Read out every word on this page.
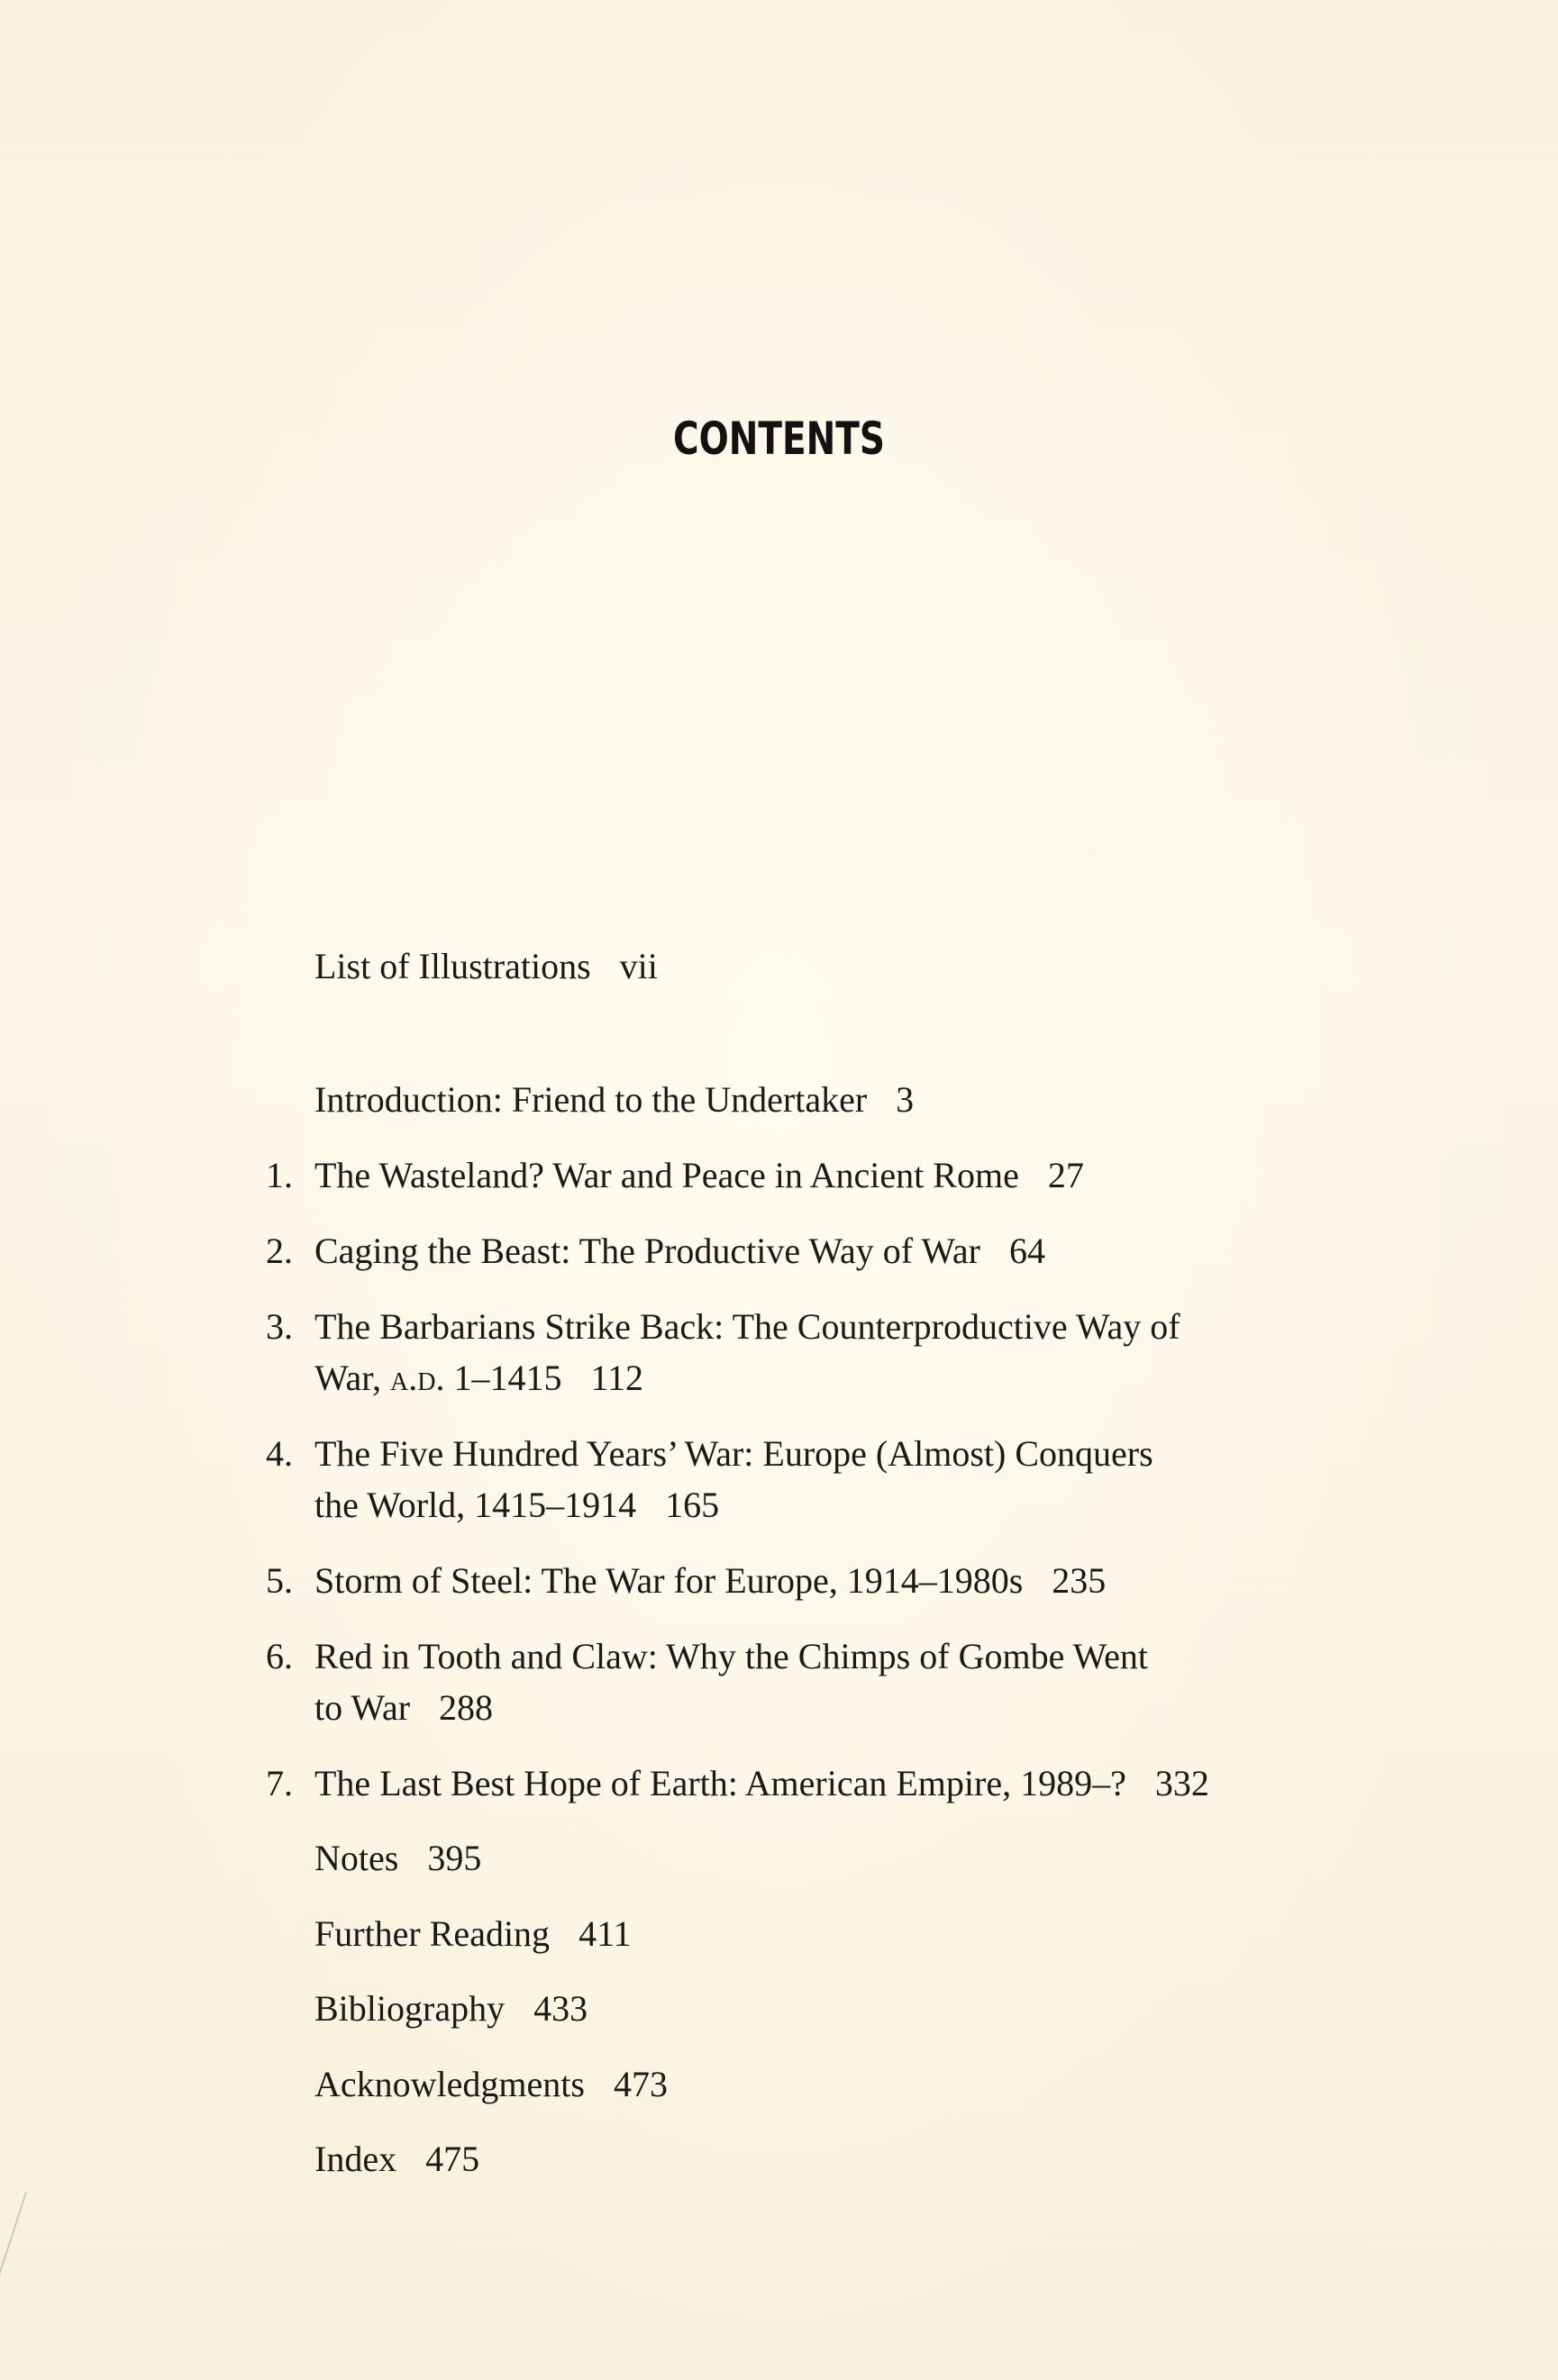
CONTENTS
List of Illustrations vii
Introduction: Friend to the Undertaker 3
1. The Wasteland? War and Peace in Ancient Rome 27
2. Caging the Beast: The Productive Way of War 64
3. The Barbarians Strike Back: The Counterproductive Way of
War, a.d. 1–1415 112
4. The Five Hundred Years’ War: Europe (Almost) Conquers
the World, 1415–1914 165
5. Storm of Steel: The War for Europe, 1914–1980s 235
6. Red in Tooth and Claw: Why the Chimps of Gombe Went
to War 288
7. The Last Best Hope of Earth: American Empire, 1989–? 332
Notes 395
Further Reading 411
Bibliography 433
Acknowledgments 473
Index 475
